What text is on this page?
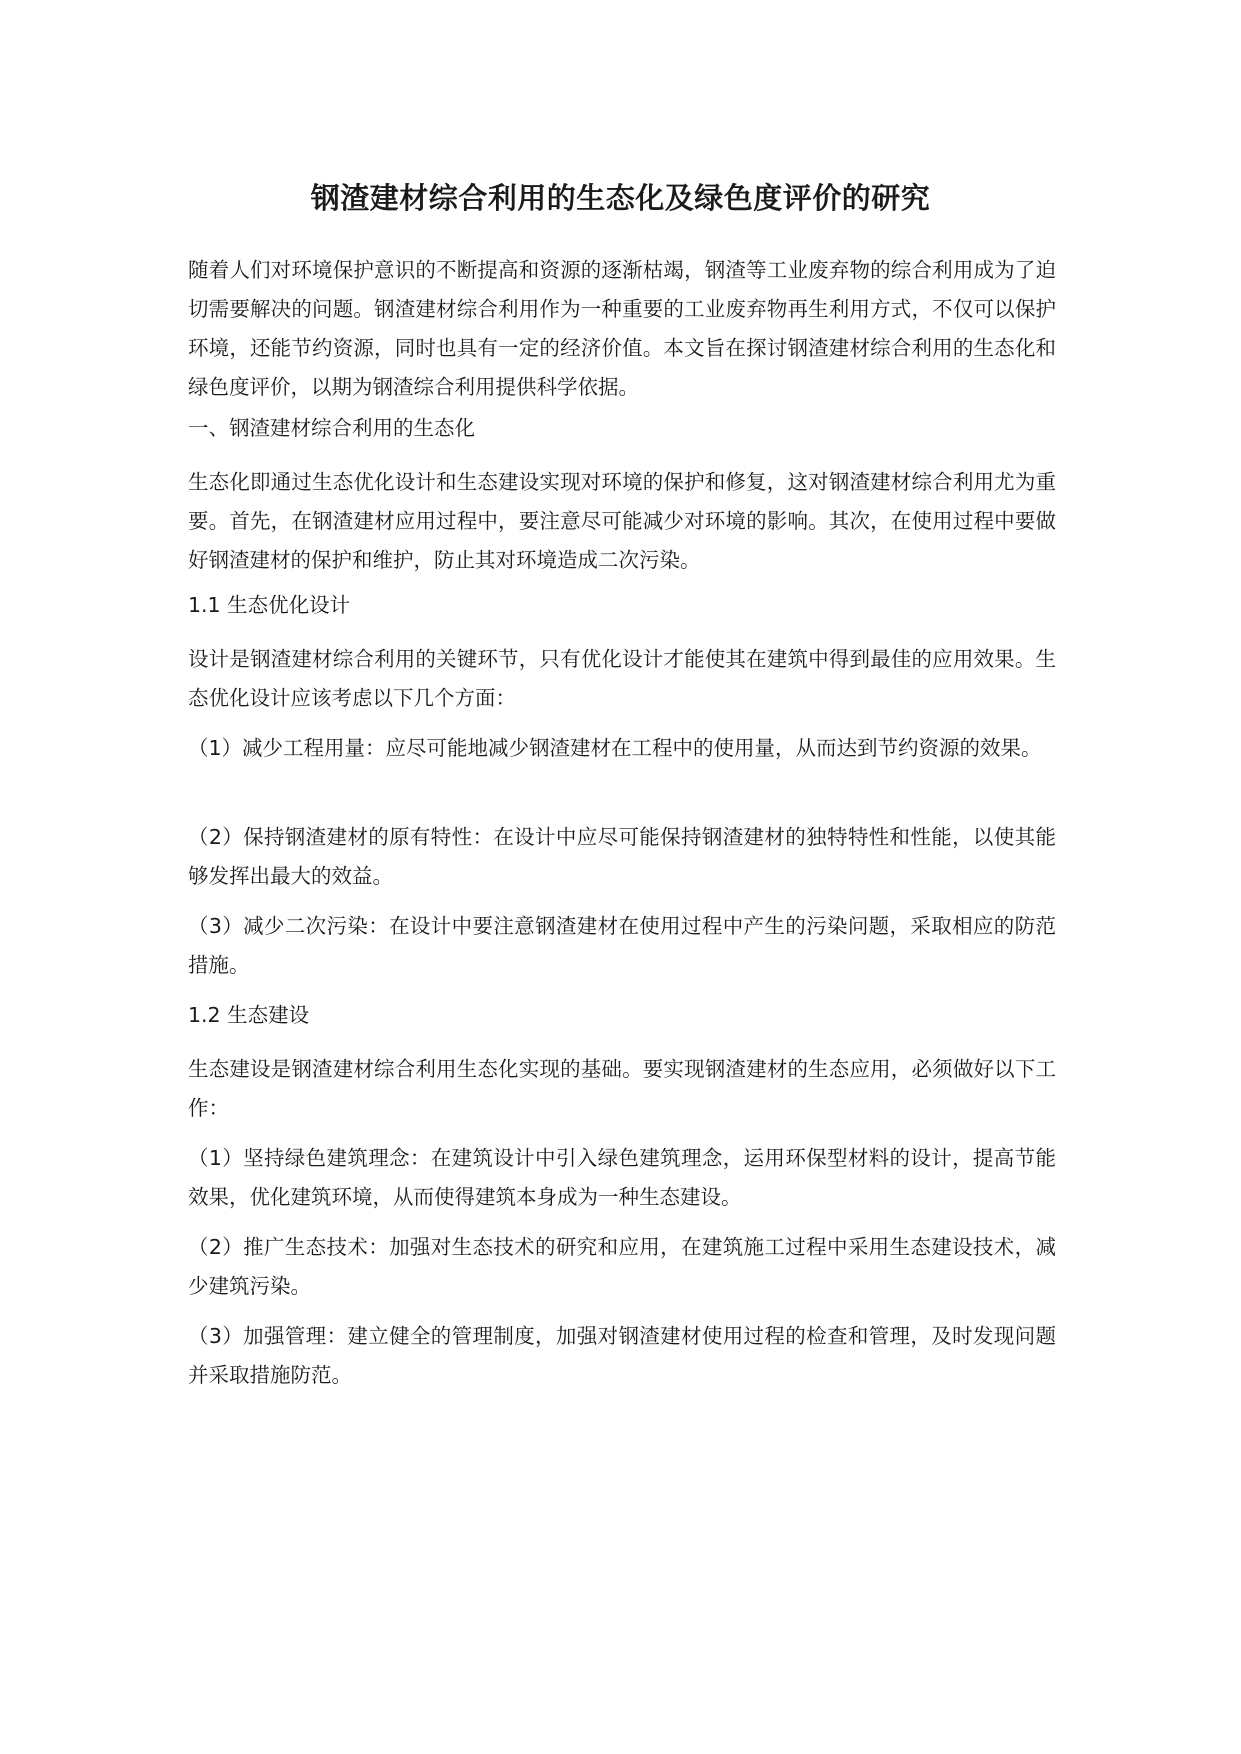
钢渣建材综合利用的生态化及绿色度评价的研究

随着人们对环境保护意识的不断提高和资源的逐渐枯竭，钢渣等工业废弃物的综合利用成为了迫切需要解决的问题。钢渣建材综合利用作为一种重要的工业废弃物再生利用方式，不仅可以保护环境，还能节约资源，同时也具有一定的经济价值。本文旨在探讨钢渣建材综合利用的生态化和绿色度评价，以期为钢渣综合利用提供科学依据。

一、钢渣建材综合利用的生态化

生态化即通过生态优化设计和生态建设实现对环境的保护和修复，这对钢渣建材综合利用尤为重要。首先，在钢渣建材应用过程中，要注意尽可能减少对环境的影响。其次，在使用过程中要做好钢渣建材的保护和维护，防止其对环境造成二次污染。

1.1 生态优化设计

设计是钢渣建材综合利用的关键环节，只有优化设计才能使其在建筑中得到最佳的应用效果。生态优化设计应该考虑以下几个方面：

（1）减少工程用量：应尽可能地减少钢渣建材在工程中的使用量，从而达到节约资源的效果。

（2）保持钢渣建材的原有特性：在设计中应尽可能保持钢渣建材的独特特性和性能，以使其能够发挥出最大的效益。

（3）减少二次污染：在设计中要注意钢渣建材在使用过程中产生的污染问题，采取相应的防范措施。

1.2 生态建设

生态建设是钢渣建材综合利用生态化实现的基础。要实现钢渣建材的生态应用，必须做好以下工作：

（1）坚持绿色建筑理念：在建筑设计中引入绿色建筑理念，运用环保型材料的设计，提高节能效果，优化建筑环境，从而使得建筑本身成为一种生态建设。

（2）推广生态技术：加强对生态技术的研究和应用，在建筑施工过程中采用生态建设技术，减少建筑污染。

（3）加强管理：建立健全的管理制度，加强对钢渣建材使用过程的检查和管理，及时发现问题并采取措施防范。
